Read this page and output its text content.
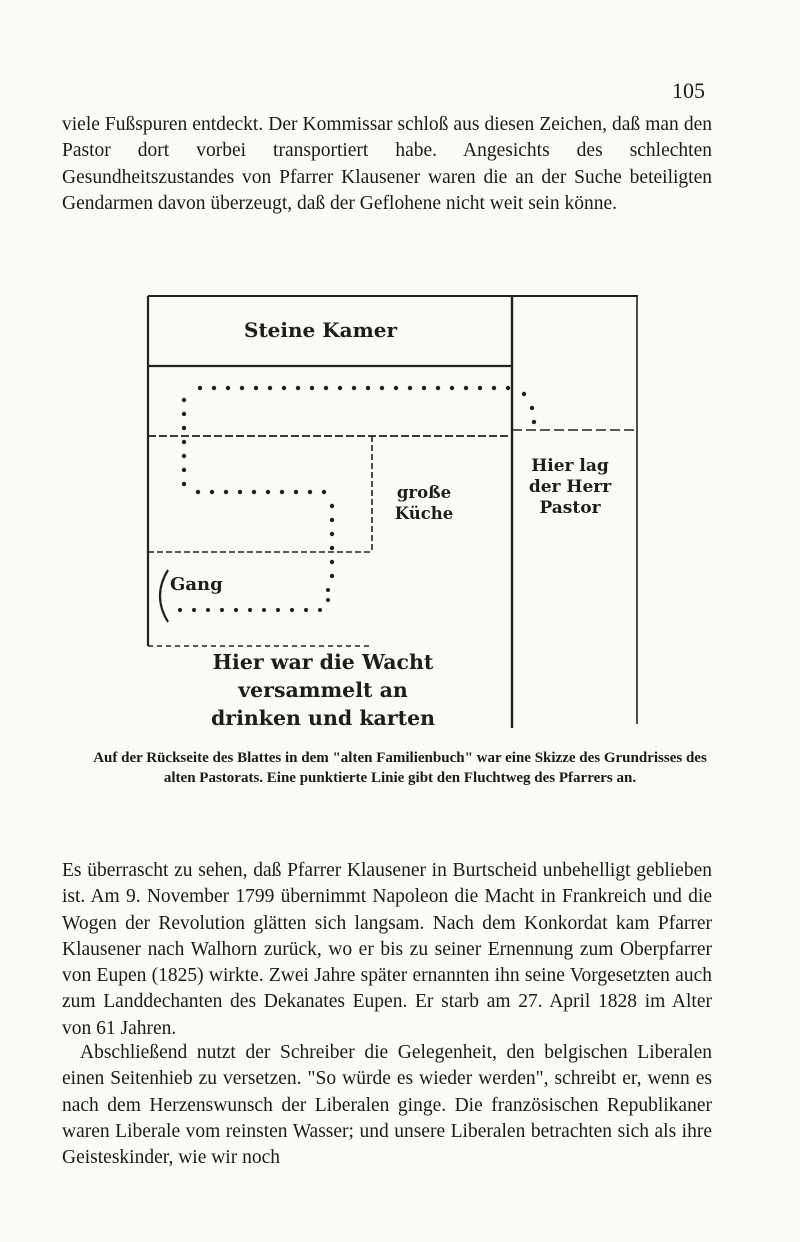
105

viele Fußspuren entdeckt. Der Kommissar schloß aus diesen Zeichen, daß man den Pastor dort vorbei transportiert habe. Angesichts des schlechten Gesundheitszustandes von Pfarrer Klausener waren die an der Suche beteiligten Gendarmen davon überzeugt, daß der Geflohene nicht weit sein könne.

Steine Kamer
große Küche
Hier lag der Herr Pastor
Gang
Hier war die Wacht versammelt an
drinken und karten

Auf der Rückseite des Blattes in dem "alten Familienbuch" war eine Skizze des Grundrisses des alten Pastorats. Eine punktierte Linie gibt den Fluchtweg des Pfarrers an.

Es überrascht zu sehen, daß Pfarrer Klausener in Burtscheid unbehelligt geblieben ist. Am 9. November 1799 übernimmt Napoleon die Macht in Frankreich und die Wogen der Revolution glätten sich langsam. Nach dem Konkordat kam Pfarrer Klausener nach Walhorn zurück, wo er bis zu seiner Ernennung zum Oberpfarrer von Eupen (1825) wirkte. Zwei Jahre später ernannten ihn seine Vorgesetzten auch zum Landdechanten des Dekanates Eupen. Er starb am 27. April 1828 im Alter von 61 Jahren.

Abschließend nutzt der Schreiber die Gelegenheit, den belgischen Liberalen einen Seitenhieb zu versetzen. "So würde es wieder werden", schreibt er, wenn es nach dem Herzenswunsch der Liberalen ginge. Die französischen Republikaner waren Liberale vom reinsten Wasser; und unsere Liberalen betrachten sich als ihre Geisteskinder, wie wir noch
